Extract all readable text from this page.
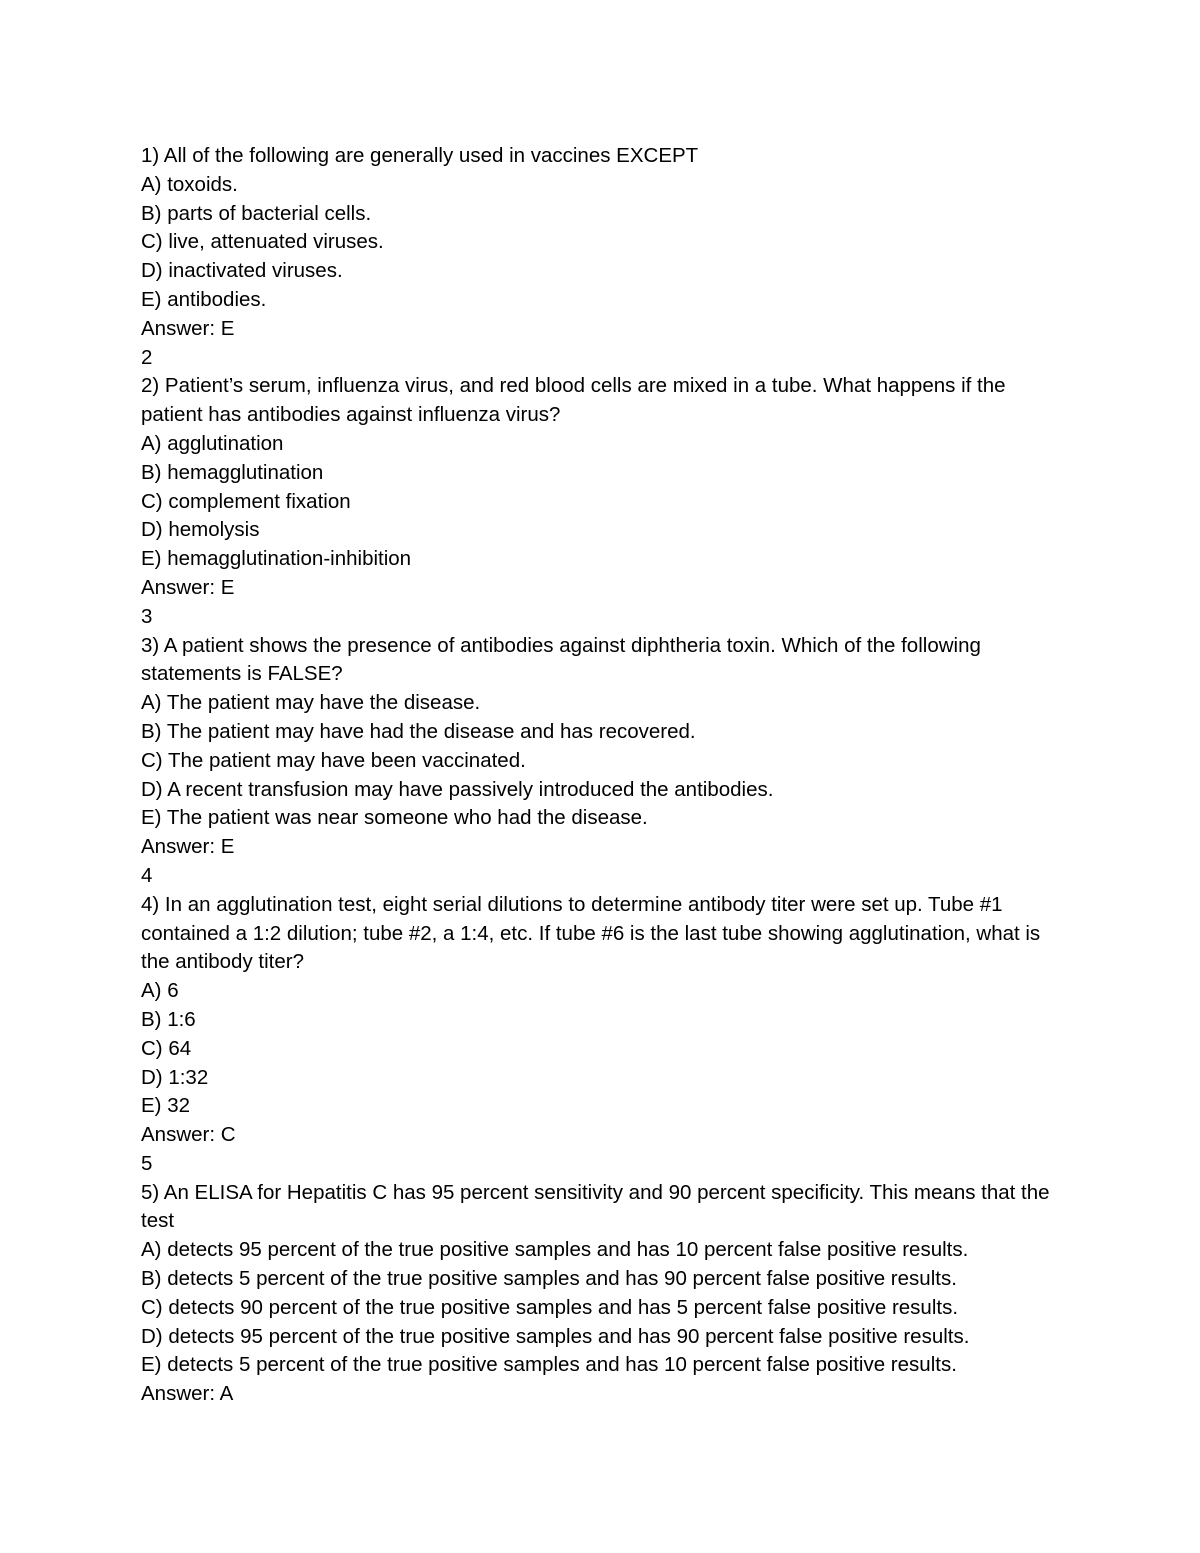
1) All of the following are generally used in vaccines EXCEPT

A) toxoids.

B) parts of bacterial cells.

C) live, attenuated viruses.

D) inactivated viruses.

E) antibodies.

Answer: E

2

2) Patient’s serum, influenza virus, and red blood cells are mixed in a tube. What happens if the patient has antibodies against influenza virus?

A) agglutination

B) hemagglutination

C) complement fixation

D) hemolysis

E) hemagglutination-inhibition

Answer: E

3

3) A patient shows the presence of antibodies against diphtheria toxin. Which of the following statements is FALSE?

A) The patient may have the disease.

B) The patient may have had the disease and has recovered.

C) The patient may have been vaccinated.

D) A recent transfusion may have passively introduced the antibodies.

E) The patient was near someone who had the disease.

Answer: E

4

4) In an agglutination test, eight serial dilutions to determine antibody titer were set up. Tube #1 contained a 1:2 dilution; tube #2, a 1:4, etc. If tube #6 is the last tube showing agglutination, what is the antibody titer?

A) 6

B) 1:6

C) 64

D) 1:32

E) 32

Answer: C

5

5) An ELISA for Hepatitis C has 95 percent sensitivity and 90 percent specificity. This means that the test

A) detects 95 percent of the true positive samples and has 10 percent false positive results.

B) detects 5 percent of the true positive samples and has 90 percent false positive results.

C) detects 90 percent of the true positive samples and has 5 percent false positive results.

D) detects 95 percent of the true positive samples and has 90 percent false positive results.

E) detects 5 percent of the true positive samples and has 10 percent false positive results.

Answer: A
